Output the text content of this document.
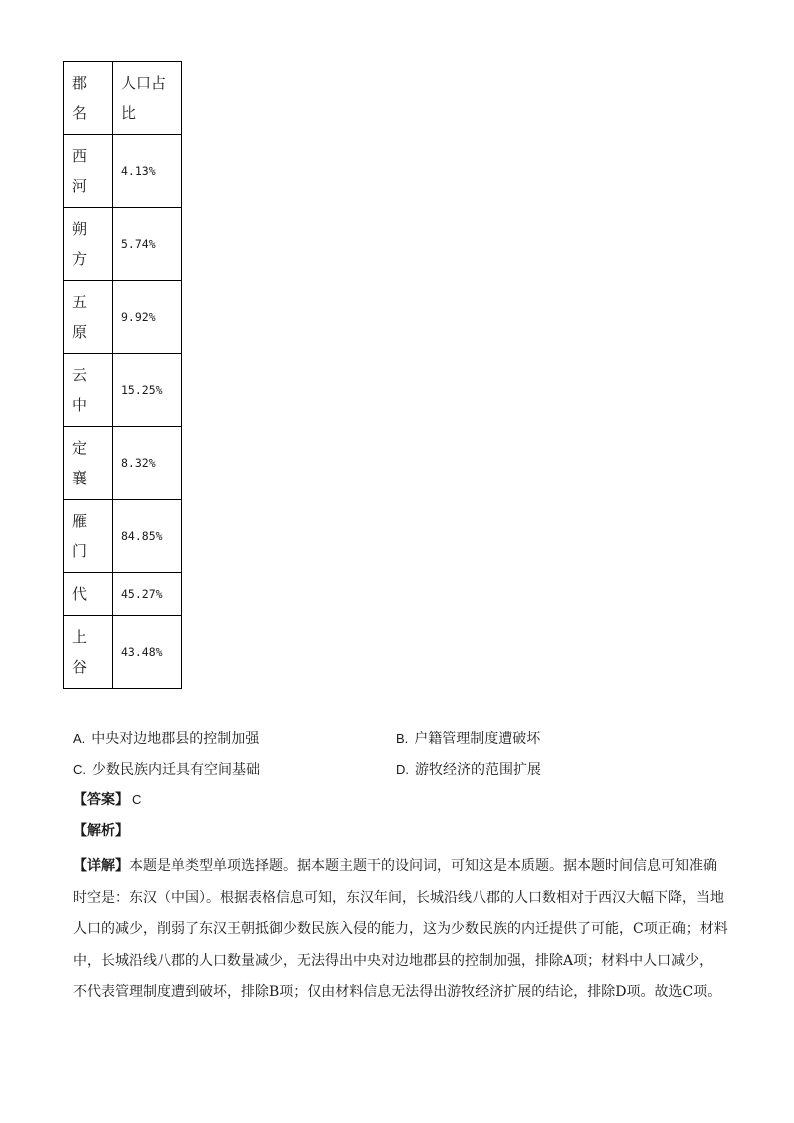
郡
名	人口占
比

西
河	4.13%

朔
方	5.74%

五
原	9.92%

云
中	15.25%

定
襄	8.32%

雁
门	84.85%

代	45.27%

上
谷	43.48%
A. 中央对边地郡县的控制加强	B. 户籍管理制度遭破坏
C. 少数民族内迁具有空间基础	D. 游牧经济的范围扩展
【答案】 C
【解析】
【详解】本题是单类型单项选择题。据本题主题干的设问词，可知这是本质题。据本题时间信息可知准确
时空是：东汉（中国）。根据表格信息可知，东汉年间，长城沿线八郡的人口数相对于西汉大幅下降，当地
人口的减少，削弱了东汉王朝抵御少数民族入侵的能力，这为少数民族的内迁提供了可能，C项正确；材料
中，长城沿线八郡的人口数量减少，无法得出中央对边地郡县的控制加强，排除A项；材料中人口减少，
不代表管理制度遭到破坏，排除B项；仅由材料信息无法得出游牧经济扩展的结论，排除D项。故选C项。
